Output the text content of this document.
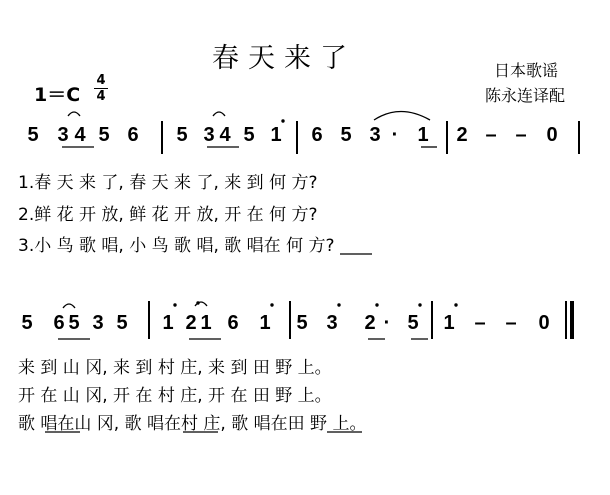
春天来了	日本歌谣
陈永连译配
1＝C
4
4
5 3 4 5 6 5 3 4 5 1 6 5 3 · 1 2 – – 0
1.春 天 来 了, 春 天 来 了, 来 到 何 方?
2.鲜 花 开 放, 鲜 花 开 放, 开 在 何 方?
3.小 鸟 歌 唱, 小 鸟 歌 唱, 歌 唱在 何 方?
5 6 5 3 5 1 2 1 6 1 5 3 2 · 5 1 – – 0
来 到 山 冈, 来 到 村 庄, 来 到 田 野 上。
开 在 山 冈, 开 在 村 庄, 开 在 田 野 上。
歌 唱在山 冈, 歌 唱在村 庄, 歌 唱在田 野 上。
